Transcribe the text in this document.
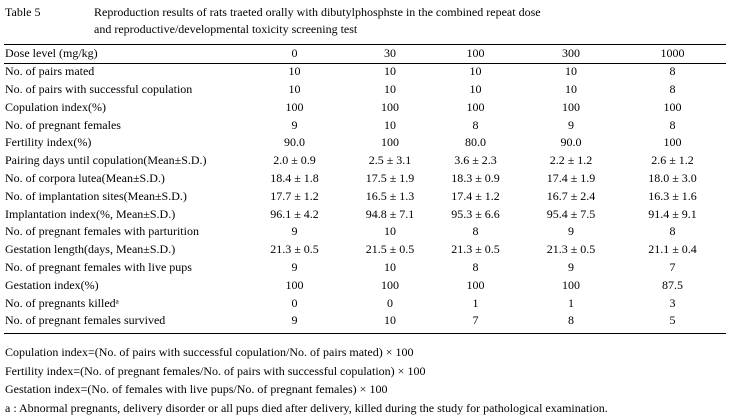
Table 5	Reproduction results of rats traeted orally with dibutylphosphste in the combined repeat dose
and reproductive/developmental toxicity screening test
Dose level (mg/kg)	0	30	100	300	1000
No. of pairs mated	10	10	10	10	8
No. of pairs with successful copulation	10	10	10	10	8
Copulation index(%)	100	100	100	100	100
No. of pregnant females	9	10	8	9	8
Fertility index(%)	90.0	100	80.0	90.0	100
Pairing days until copulation(Mean±S.D.)	2.0 ± 0.9	2.5 ± 3.1	3.6 ± 2.3	2.2 ± 1.2	2.6 ± 1.2
No. of corpora lutea(Mean±S.D.)	18.4 ± 1.8	17.5 ± 1.9	18.3 ± 0.9	17.4 ± 1.9	18.0 ± 3.0
No. of implantation sites(Mean±S.D.)	17.7 ± 1.2	16.5 ± 1.3	17.4 ± 1.2	16.7 ± 2.4	16.3 ± 1.6
Implantation index(%, Mean±S.D.)	96.1 ± 4.2	94.8 ± 7.1	95.3 ± 6.6	95.4 ± 7.5	91.4 ± 9.1
No. of pregnant females with parturition	9	10	8	9	8
Gestation length(days, Mean±S.D.)	21.3 ± 0.5	21.5 ± 0.5	21.3 ± 0.5	21.3 ± 0.5	21.1 ± 0.4
No. of pregnant females with live pups	9	10	8	9	7
Gestation index(%)	100	100	100	100	87.5
No. of pregnants killedᵃ	0	0	1	1	3
No. of pregnant females survived	9	10	7	8	5
Copulation index=(No. of pairs with successful copulation/No. of pairs mated) × 100
Fertility index=(No. of pregnant females/No. of pairs with successful copulation) × 100
Gestation index=(No. of females with live pups/No. of pregnant females) × 100
a : Abnormal pregnants, delivery disorder or all pups died after delivery, killed during the study for pathological examination.
